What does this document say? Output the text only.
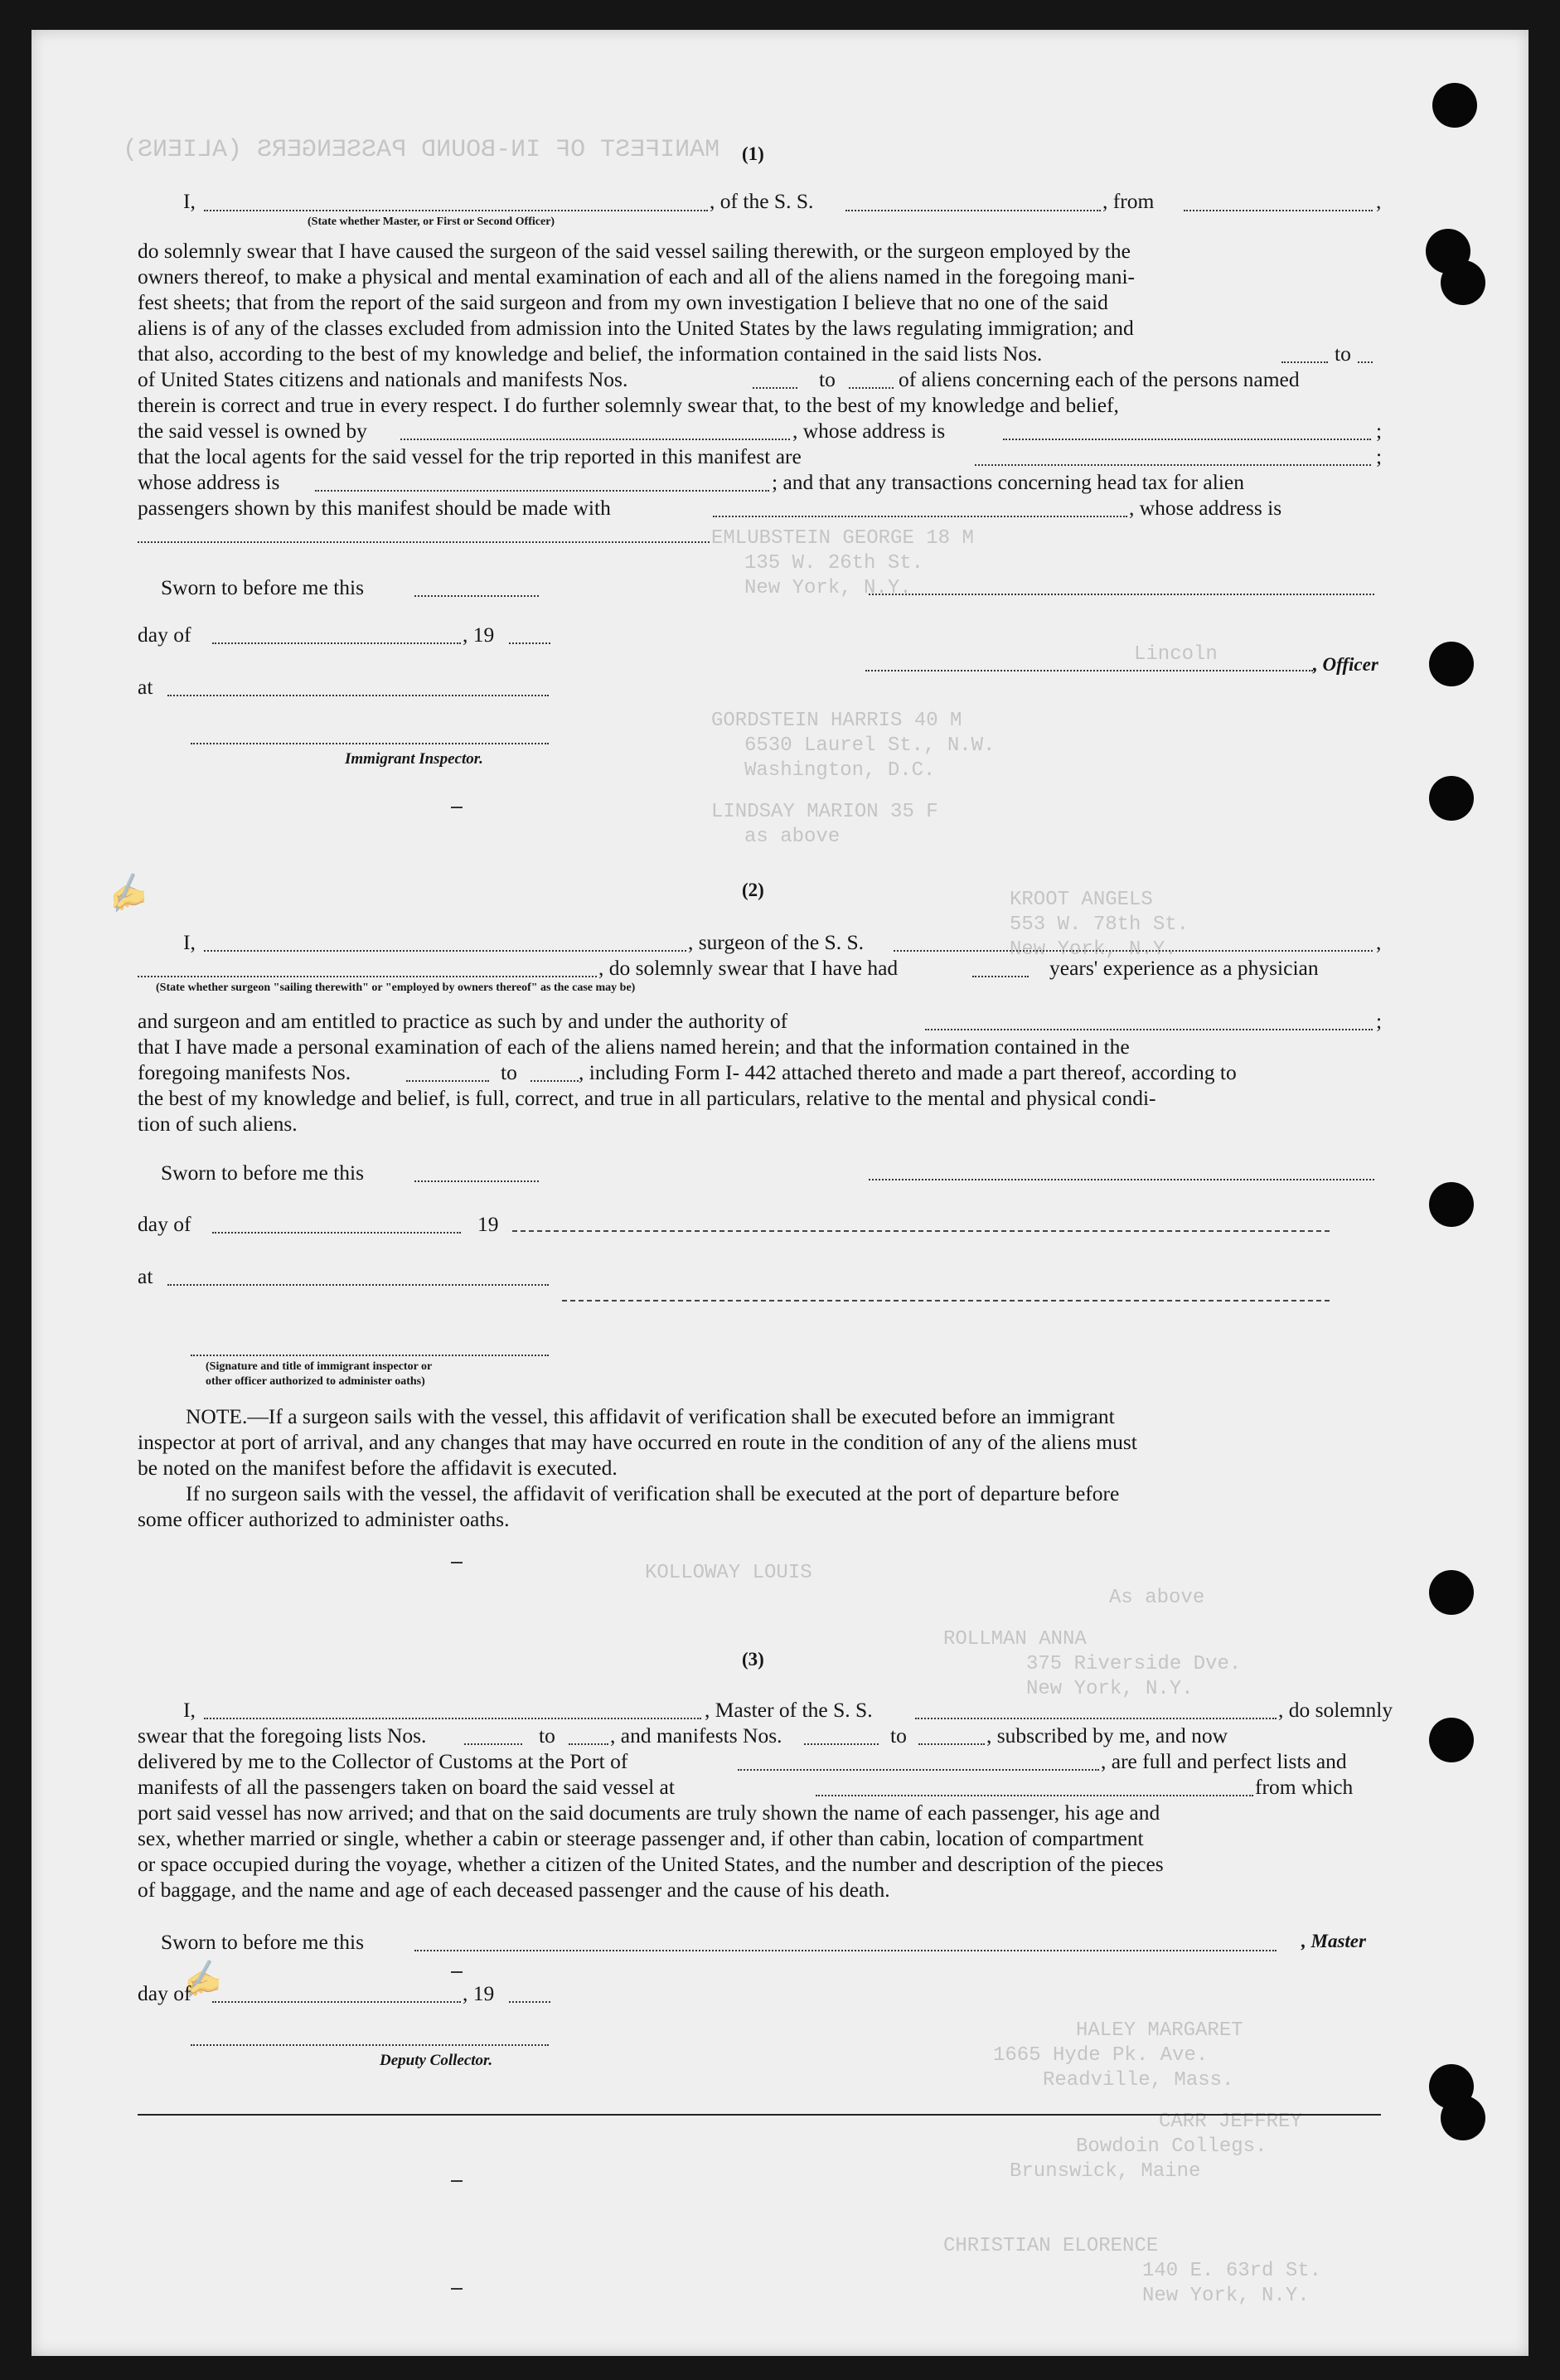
MANIFEST OF IN-BOUND PASSENGERS (ALIENS)
EMLUBSTEIN GEORGE 18 M
135 W. 26th St.
New York, N.Y.
Lincoln
GORDSTEIN HARRIS 40 M
6530 Laurel St., N.W.
Washington, D.C.
LINDSAY MARION 35 F
as above
KROOT ANGELS
553 W. 78th St.
New York, N.Y.
KOLLOWAY LOUIS
As above
ROLLMAN ANNA
375 Riverside Dve.
New York, N.Y.
HALEY MARGARET
1665 Hyde Pk. Ave.
Readville, Mass.
CARR JEFFREY
Bowdoin Collegs.
Brunswick, Maine
CHRISTIAN ELORENCE
140 E. 63rd St.
New York, N.Y.
✍
✍
(1)
I,	, of the S. S.	, from	,
(State whether Master, or First or Second Officer)
do solemnly swear that I have caused the surgeon of the said vessel sailing therewith, or the surgeon employed by the
owners thereof, to make a physical and mental examination of each and all of the aliens named in the foregoing mani-
fest sheets; that from the report of the said surgeon and from my own investigation I believe that no one of the said
aliens is of any of the classes excluded from admission into the United States by the laws regulating immigration; and
that also, according to the best of my knowledge and belief, the information contained in the said lists Nos.	to
of United States citizens and nationals and manifests Nos.	to	of aliens concerning each of the persons named
therein is correct and true in every respect. I do further solemnly swear that, to the best of my knowledge and belief,
the said vessel is owned by	, whose address is	;
that the local agents for the said vessel for the trip reported in this manifest are	;
whose address is	; and that any transactions concerning head tax for alien
passengers shown by this manifest should be made with	, whose address is
Sworn to before me this
day of	, 19
, Officer
at
Immigrant Inspector.
(2)
I,	, surgeon of the S. S.	,
, do solemnly swear that I have had	years' experience as a physician
(State whether surgeon "sailing therewith" or "employed by owners thereof" as the case may be)
and surgeon and am entitled to practice as such by and under the authority of	;
that I have made a personal examination of each of the aliens named herein; and that the information contained in the
foregoing manifests Nos.	to	, including Form I- 442 attached thereto and made a part thereof, according to
the best of my knowledge and belief, is full, correct, and true in all particulars, relative to the mental and physical condi-
tion of such aliens.
Sworn to before me this
day of	19
at
(Signature and title of immigrant inspector or
other officer authorized to administer oaths)
NOTE.—If a surgeon sails with the vessel, this affidavit of verification shall be executed before an immigrant
inspector at port of arrival, and any changes that may have occurred en route in the condition of any of the aliens must
be noted on the manifest before the affidavit is executed.
If no surgeon sails with the vessel, the affidavit of verification shall be executed at the port of departure before
some officer authorized to administer oaths.
(3)
I,	, Master of the S. S.	, do solemnly
swear that the foregoing lists Nos.	to	, and manifests Nos.	to	, subscribed by me, and now
delivered by me to the Collector of Customs at the Port of	, are full and perfect lists and
manifests of all the passengers taken on board the said vessel at	from which
port said vessel has now arrived; and that on the said documents are truly shown the name of each passenger, his age and
sex, whether married or single, whether a cabin or steerage passenger and, if other than cabin, location of compartment
or space occupied during the voyage, whether a citizen of the United States, and the number and description of the pieces
of baggage, and the name and age of each deceased passenger and the cause of his death.
Sworn to before me this	, Master
day of	, 19
Deputy Collector.
